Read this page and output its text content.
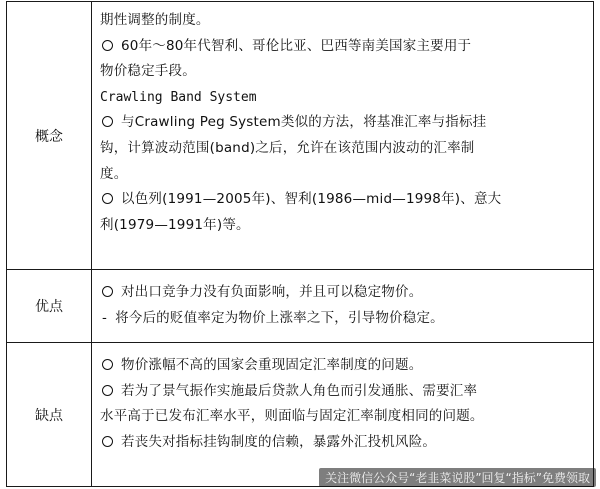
概念
期性调整的制度。
60年～80年代智利、哥伦比亚、巴西等南美国家主要用于
物价稳定手段。
Crawling Band System
与Crawling Peg System类似的方法，将基准汇率与指标挂
钩，计算波动范围(band)之后，允许在该范围内波动的汇率制
度。
以色列(1991—2005年)、智利(1986—mid—1998年)、意大
利(1979—1991年)等。
优点
对出口竞争力没有负面影响，并且可以稳定物价。
- 将今后的贬值率定为物价上涨率之下，引导物价稳定。
缺点
物价涨幅不高的国家会重现固定汇率制度的问题。
若为了景气振作实施最后贷款人角色而引发通胀、需要汇率
水平高于已发布汇率水平，则面临与固定汇率制度相同的问题。
若丧失对指标挂钩制度的信赖，暴露外汇投机风险。
关注微信公众号“老韭菜说股”回复“指标”免费领取
